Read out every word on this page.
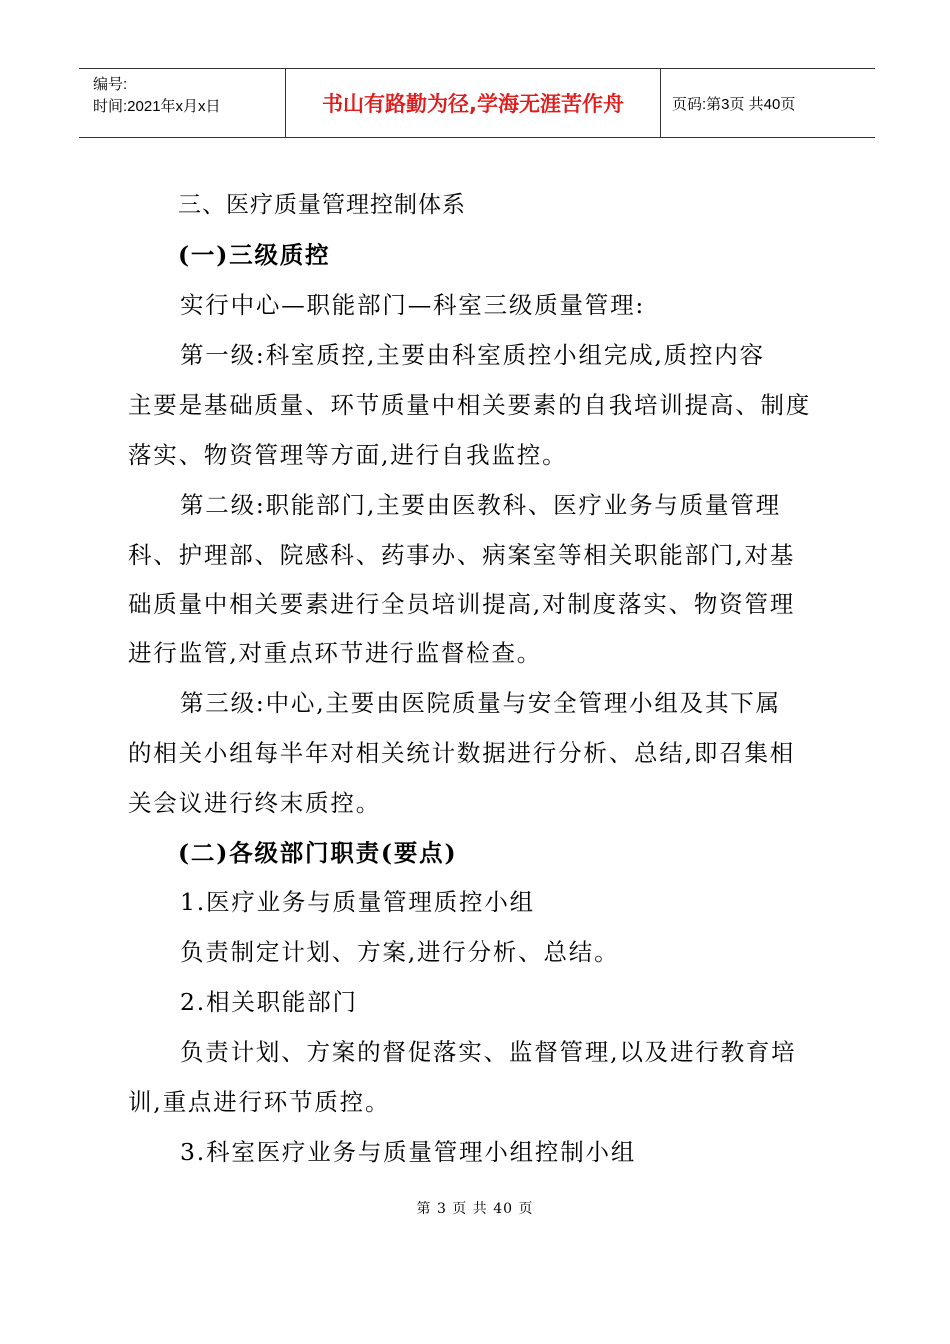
编号:
时间:2021年x月x日	书山有路勤为径,学海无涯苦作舟	页码:第3页 共40页
三、医疗质量管理控制体系
(一)三级质控
实行中心—职能部门—科室三级质量管理:
第一级:科室质控,主要由科室质控小组完成,质控内容
主要是基础质量、环节质量中相关要素的自我培训提高、制度
落实、物资管理等方面,进行自我监控。
第二级:职能部门,主要由医教科、医疗业务与质量管理
科、护理部、院感科、药事办、病案室等相关职能部门,对基
础质量中相关要素进行全员培训提高,对制度落实、物资管理
进行监管,对重点环节进行监督检查。
第三级:中心,主要由医院质量与安全管理小组及其下属
的相关小组每半年对相关统计数据进行分析、总结,即召集相
关会议进行终末质控。
(二)各级部门职责(要点)
1.医疗业务与质量管理质控小组
负责制定计划、方案,进行分析、总结。
2.相关职能部门
负责计划、方案的督促落实、监督管理,以及进行教育培
训,重点进行环节质控。
3.科室医疗业务与质量管理小组控制小组
第 3 页 共 40 页
